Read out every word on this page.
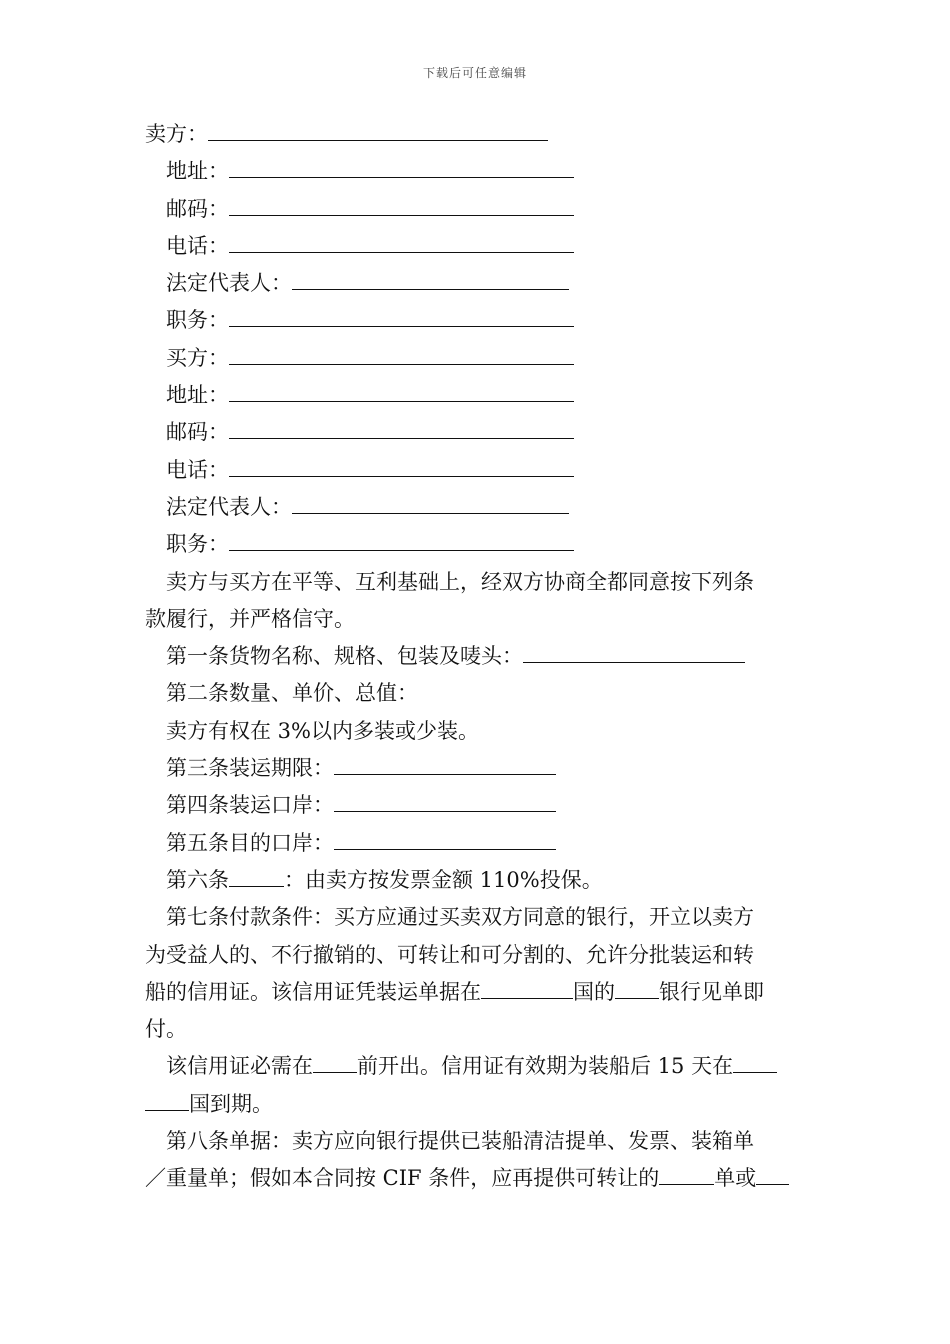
下载后可任意编辑
卖方：
地址：
邮码：
电话：
法定代表人：
职务：
买方：
地址：
邮码：
电话：
法定代表人：
职务：

卖方与买方在平等、互利基础上，经双方协商全都同意按下列条

款履行，并严格信守。

第一条货物名称、规格、包装及唛头：
第二条数量、单价、总值：
卖方有权在 3%以内多装或少装。
第三条装运期限：
第四条装运口岸：
第五条目的口岸：
第六条	：由卖方按发票金额 110%投保。

第七条付款条件：买方应通过买卖双方同意的银行，开立以卖方

为受益人的、不行撤销的、可转让和可分割的、允许分批装运和转

船的信用证。该信用证凭装运单据在	国的 银行见单即

付。

该信用证必需在 前开出。信用证有效期为装船后 15 天在

国到期。

第八条单据：卖方应向银行提供已装船清洁提单、发票、装箱单

／重量单；假如本合同按 CIF 条件，应再提供可转让的	单或
